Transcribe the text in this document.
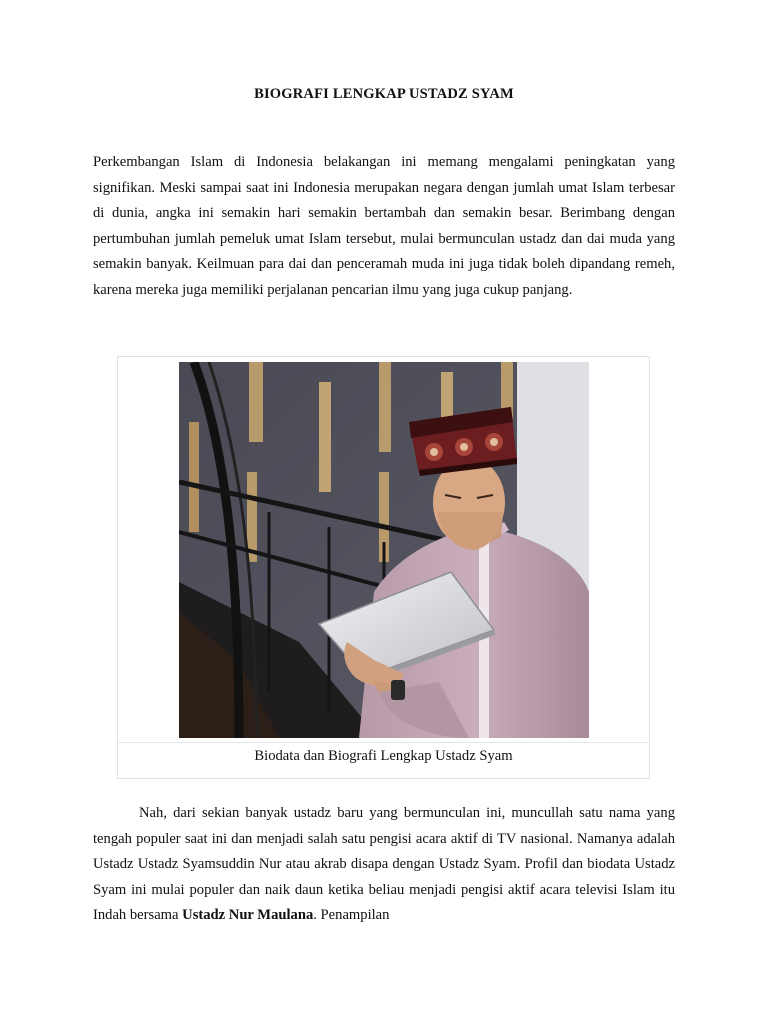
BIOGRAFI LENGKAP USTADZ SYAM

Perkembangan Islam di Indonesia belakangan ini memang mengalami peningkatan yang signifikan. Meski sampai saat ini Indonesia merupakan negara dengan jumlah umat Islam terbesar di dunia, angka ini semakin hari semakin bertambah dan semakin besar. Berimbang dengan pertumbuhan jumlah pemeluk umat Islam tersebut, mulai bermunculan ustadz dan dai muda yang semakin banyak. Keilmuan para dai dan penceramah muda ini juga tidak boleh dipandang remeh, karena mereka juga memiliki perjalanan pencarian ilmu yang juga cukup panjang.

Biodata dan Biografi Lengkap Ustadz Syam

Nah, dari sekian banyak ustadz baru yang bermunculan ini, muncullah satu nama yang tengah populer saat ini dan menjadi salah satu pengisi acara aktif di TV nasional. Namanya adalah Ustadz Ustadz Syamsuddin Nur atau akrab disapa dengan Ustadz Syam. Profil dan biodata Ustadz Syam ini mulai populer dan naik daun ketika beliau menjadi pengisi aktif acara televisi Islam itu Indah bersama Ustadz Nur Maulana. Penampilan
